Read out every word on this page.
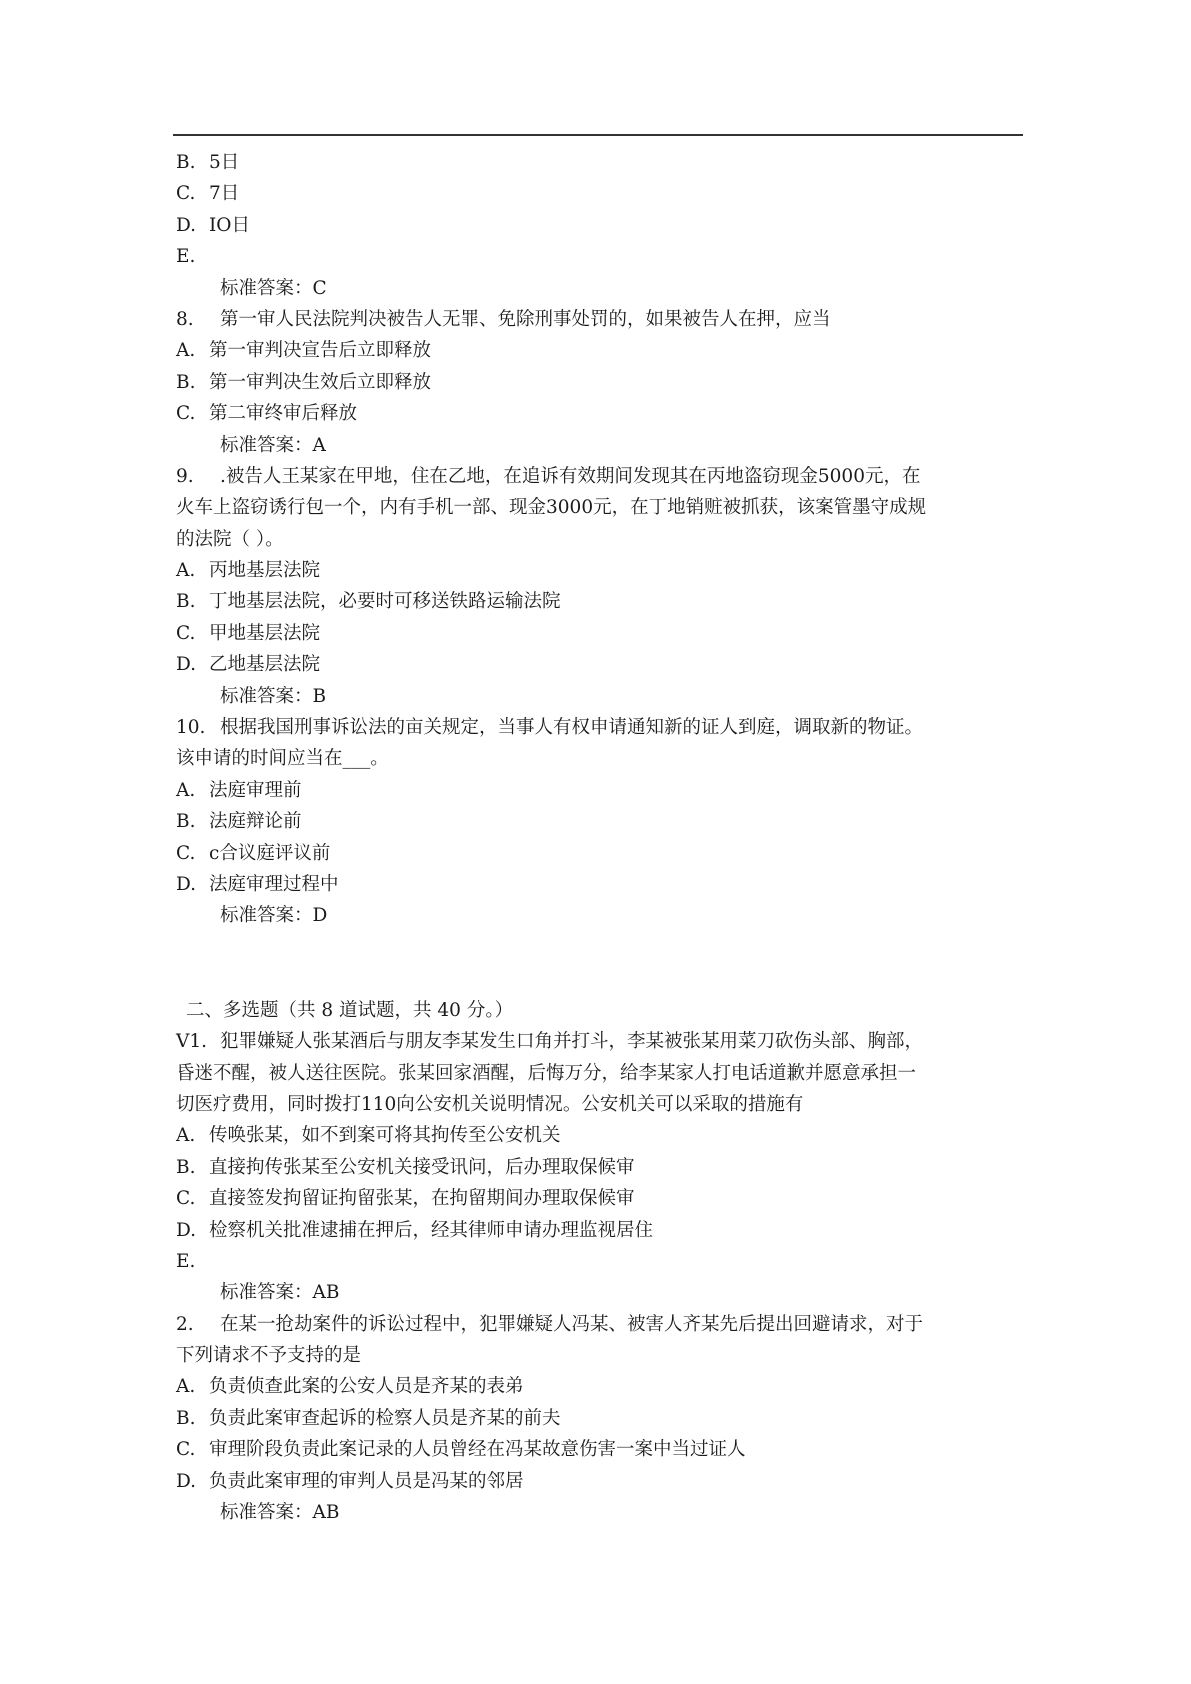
B. 5日
C. 7日
D. IO日
E.
标准答案：C
8. 第一审人民法院判决被告人无罪、免除刑事处罚的，如果被告人在押，应当
A. 第一审判决宣告后立即释放
B. 第一审判决生效后立即释放
C. 第二审终审后释放
标准答案：A
9. .被告人王某家在甲地，住在乙地，在追诉有效期间发现其在丙地盗窃现金5000元，在
火车上盗窃诱行包一个，内有手机一部、现金3000元，在丁地销赃被抓获，该案管墨守成规
的法院（ ）。
A. 丙地基层法院
B. 丁地基层法院，必要时可移送铁路运输法院
C. 甲地基层法院
D. 乙地基层法院
标准答案：B
10. 根据我国刑事诉讼法的亩关规定，当事人有权申请通知新的证人到庭，调取新的物证。
该申请的时间应当在___。
A. 法庭审理前
B. 法庭辩论前
C. c合议庭评议前
D. 法庭审理过程中
标准答案：D
二、多选题（共 8 道试题，共 40 分。）
V1. 犯罪嫌疑人张某酒后与朋友李某发生口角并打斗，李某被张某用菜刀砍伤头部、胸部，
昏迷不醒，被人送往医院。张某回家酒醒，后悔万分，给李某家人打电话道歉并愿意承担一
切医疗费用，同时拨打110向公安机关说明情况。公安机关可以采取的措施有
A. 传唤张某，如不到案可将其拘传至公安机关
B. 直接拘传张某至公安机关接受讯问，后办理取保候审
C. 直接签发拘留证拘留张某，在拘留期间办理取保候审
D. 检察机关批准逮捕在押后，经其律师申请办理监视居住
E.
标准答案：AB
2. 在某一抢劫案件的诉讼过程中，犯罪嫌疑人冯某、被害人齐某先后提出回避请求，对于
下列请求不予支持的是
A. 负责侦查此案的公安人员是齐某的表弟
B. 负责此案审查起诉的检察人员是齐某的前夫
C. 审理阶段负责此案记录的人员曾经在冯某故意伤害一案中当过证人
D. 负责此案审理的审判人员是冯某的邻居
标准答案：AB
